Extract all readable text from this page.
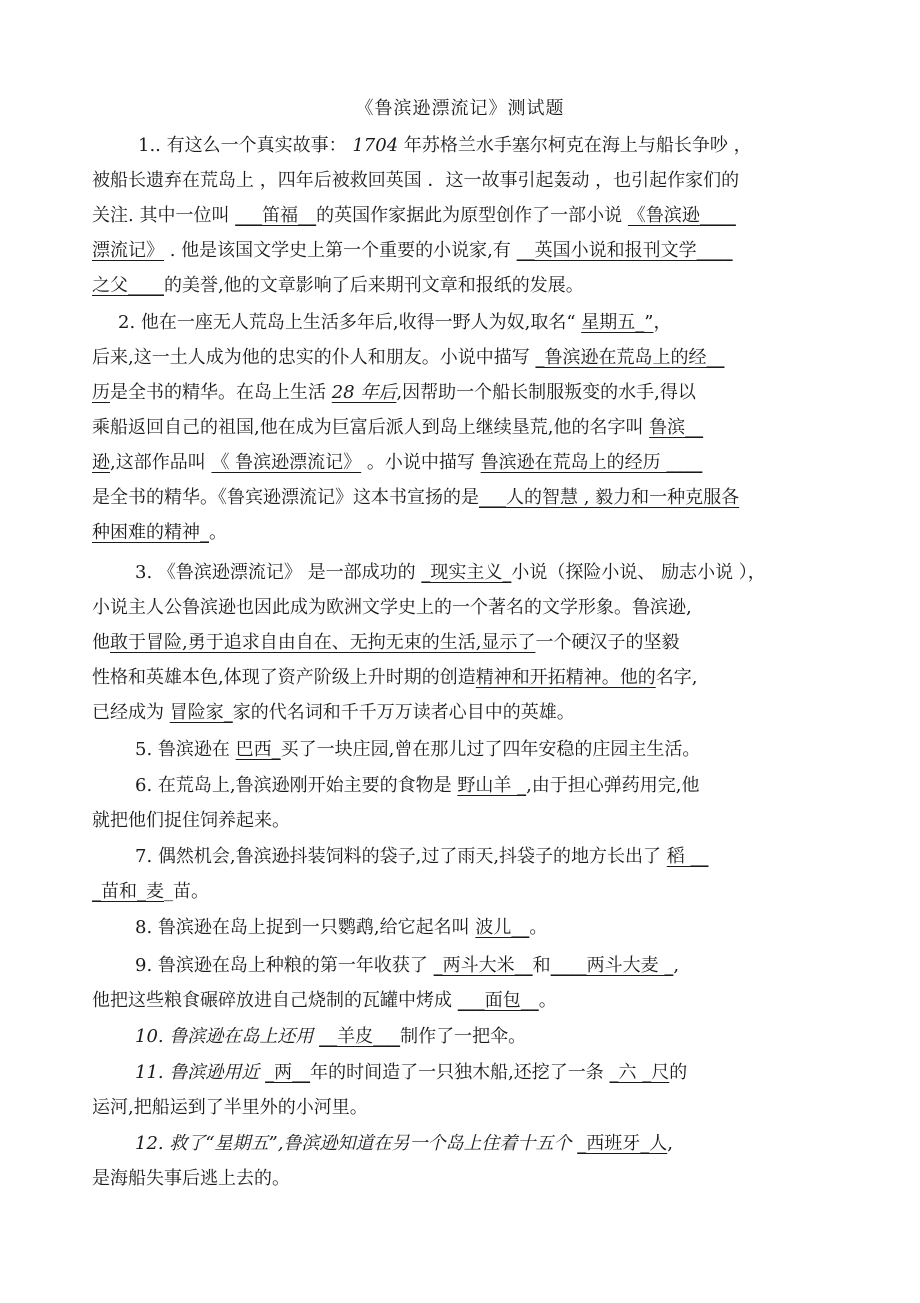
《鲁滨逊漂流记》测试题

1.. 有这么一个真实故事： 1704 年苏格兰水手塞尔柯克在海上与船长争吵 ，

被船长遗弃在荒岛上 ，四年后被救回英国 ．这一故事引起轰动 ，也引起作家们的

关注. 其中一位叫 ___笛福__的英国作家据此为原型创作了一部小说 《鲁滨逊____

漂流记》 . 他是该国文学史上第一个重要的小说家,有 __英国小说和报刊文学____

之父____的美誉,他的文章影响了后来期刊文章和报纸的发展。

2. 他在一座无人荒岛上生活多年后,收得一野人为奴,取名“ 星期五_”，

后来,这一土人成为他的忠实的仆人和朋友。小说中描写 _鲁滨逊在荒岛上的经__

历是全书的精华。在岛上生活 28 年后,因帮助一个船长制服叛变的水手,得以

乘船返回自己的祖国,他在成为巨富后派人到岛上继续垦荒,他的名字叫 鲁滨__

逊,这部作品叫 《 鲁滨逊漂流记》 。小说中描写 鲁滨逊在荒岛上的经历 ____

是全书的精华。《鲁宾逊漂流记》这本书宣扬的是___人的智慧 , 毅力和一种克服各

种困难的精神_。

3. 《鲁滨逊漂流记》 是一部成功的 _现实主义_小说（探险小说、 励志小说 ），

小说主人公鲁滨逊也因此成为欧洲文学史上的一个著名的文学形象。鲁滨逊,

他敢于冒险,勇于追求自由自在、无拘无束的生活,显示了一个硬汉子的坚毅

性格和英雄本色,体现了资产阶级上升时期的创造精神和开拓精神。他的名字,

已经成为 冒险家_家的代名词和千千万万读者心目中的英雄。

5. 鲁滨逊在 巴西_买了一块庄园,曾在那儿过了四年安稳的庄园主生活。

6. 在荒岛上,鲁滨逊刚开始主要的食物是 野山羊 _,由于担心弹药用完,他

就把他们捉住饲养起来。

7. 偶然机会,鲁滨逊抖装饲料的袋子,过了雨天,抖袋子的地方长出了 稻 __

_苗和_麦_苗。

8. 鲁滨逊在岛上捉到一只鹦鹉,给它起名叫 波儿__。

9. 鲁滨逊在岛上种粮的第一年收获了 _两斗大米__和____两斗大麦 _,

他把这些粮食碾碎放进自己烧制的瓦罐中烤成 ___面包__。

10. 鲁滨逊在岛上还用 __羊皮___制作了一把伞。

11. 鲁滨逊用近 _两__年的时间造了一只独木船,还挖了一条 _六 _尺的

运河,把船运到了半里外的小河里。

12. 救了“星期五”,鲁滨逊知道在另一个岛上住着十五个 _西班牙_人,

是海船失事后逃上去的。
